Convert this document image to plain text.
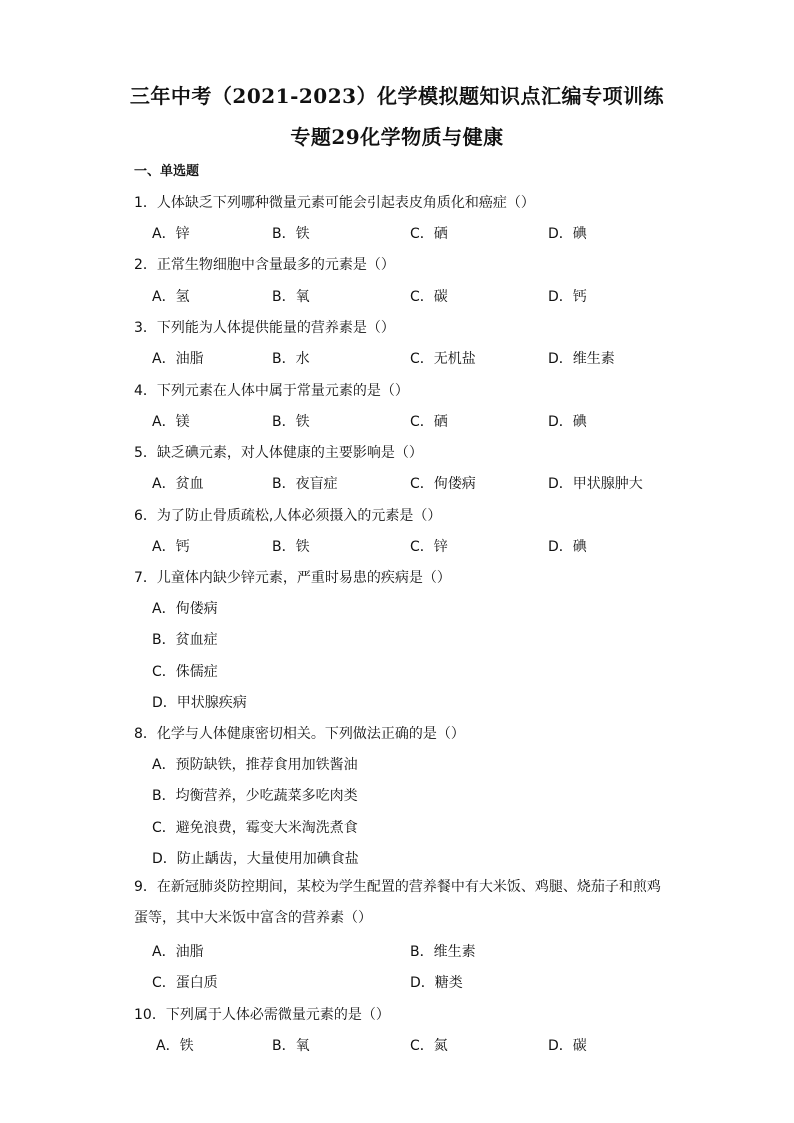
三年中考（2021-2023）化学模拟题知识点汇编专项训练
专题29化学物质与健康
一、单选题
1．人体缺乏下列哪种微量元素可能会引起表皮角质化和癌症（）
A．锌	B．铁	C．硒	D．碘
2．正常生物细胞中含量最多的元素是（）
A．氢	B．氧	C．碳	D．钙
3．下列能为人体提供能量的营养素是（）
A．油脂	B．水	C．无机盐	D．维生素
4．下列元素在人体中属于常量元素的是（）
A．镁	B．铁	C．硒	D．碘
5．缺乏碘元素，对人体健康的主要影响是（）
A．贫血	B．夜盲症	C．佝偻病	D．甲状腺肿大
6．为了防止骨质疏松,人体必须摄入的元素是（）
A．钙	B．铁	C．锌	D．碘
7．儿童体内缺少锌元素，严重时易患的疾病是（）
A．佝偻病
B．贫血症
C．侏儒症
D．甲状腺疾病
8．化学与人体健康密切相关。下列做法正确的是（）
A．预防缺铁，推荐食用加铁酱油
B．均衡营养，少吃蔬菜多吃肉类
C．避免浪费，霉变大米淘洗煮食
D．防止龋齿，大量使用加碘食盐
9．在新冠肺炎防控期间，某校为学生配置的营养餐中有大米饭、鸡腿、烧茄子和煎鸡蛋等，其中大米饭中富含的营养素（）
A．油脂	B．维生素
C．蛋白质	D．糖类
10．下列属于人体必需微量元素的是（）
A．铁	B．氧	C．氮	D．碳
